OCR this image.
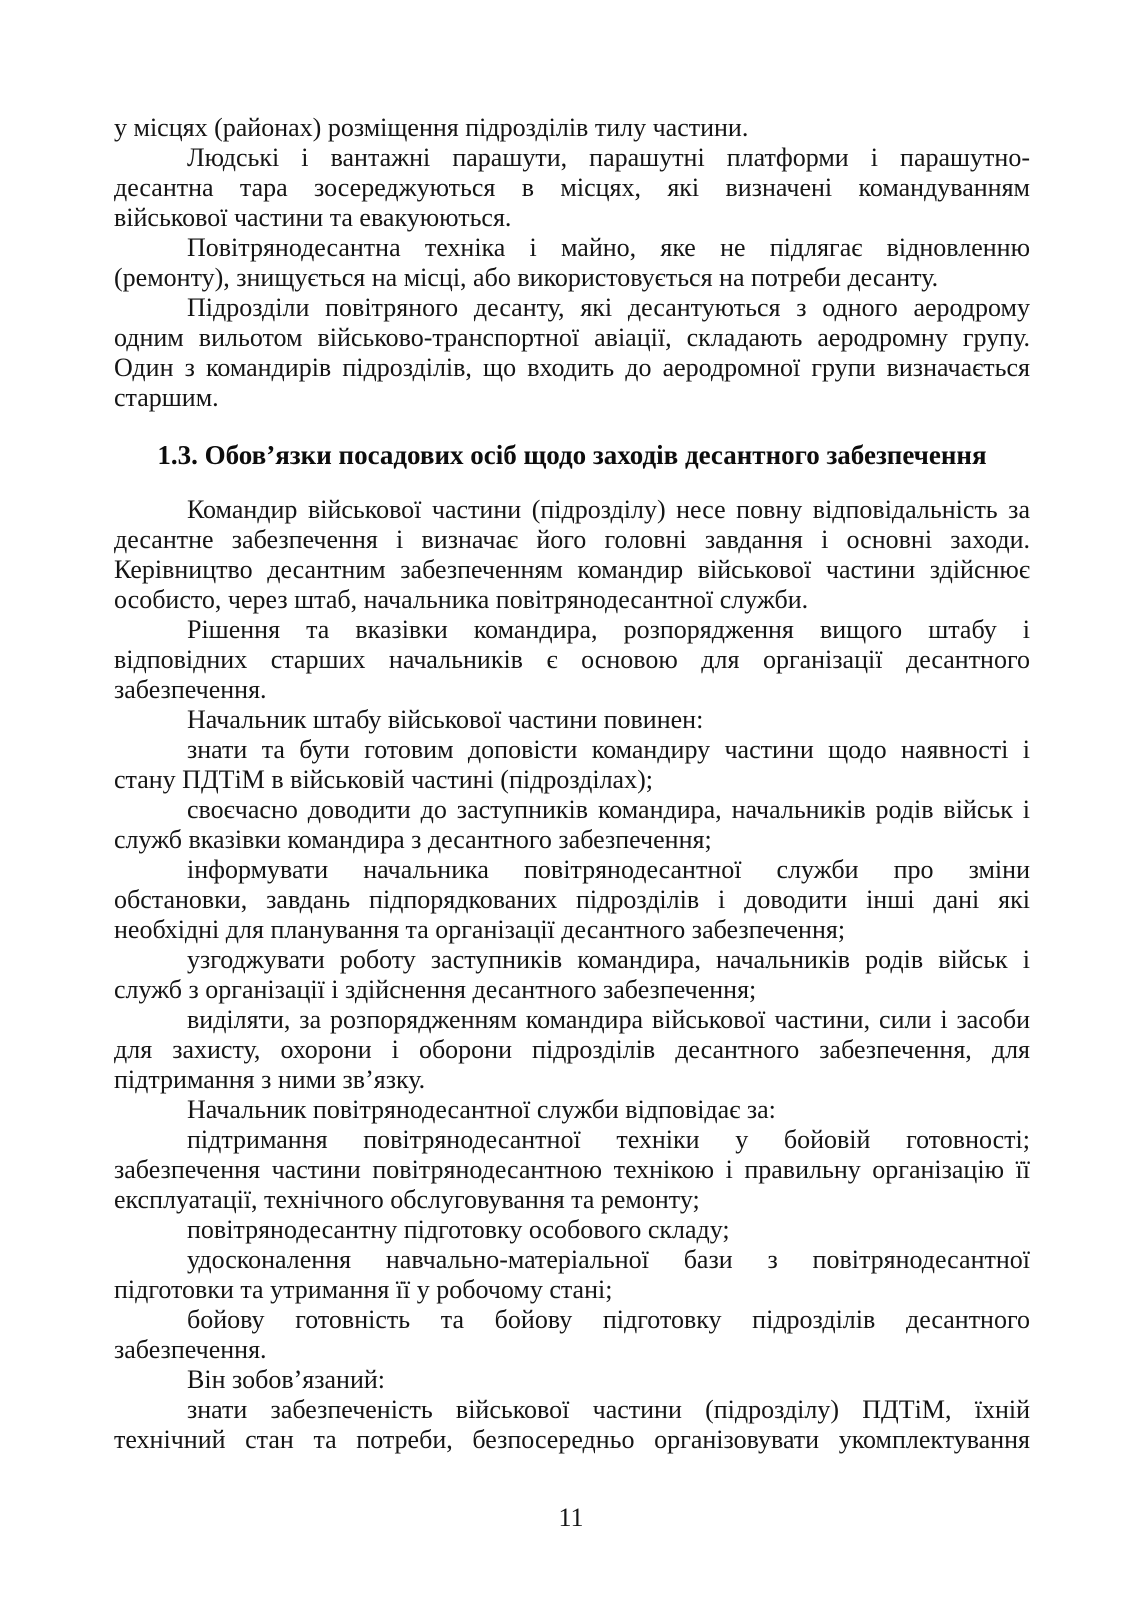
у місцях (районах) розміщення підрозділів тилу частини.
Людські і вантажні парашути, парашутні платформи і парашутно-
десантна тара зосереджуються в місцях, які визначені командуванням
військової частини та евакуюються.
Повітрянодесантна техніка і майно, яке не підлягає відновленню
(ремонту), знищується на місці, або використовується на потреби десанту.
Підрозділи повітряного десанту, які десантуються з одного аеродрому
одним вильотом військово-транспортної авіації, складають аеродромну групу.
Один з командирів підрозділів, що входить до аеродромної групи визначається
старшим.
1.3. Обов’язки посадових осіб щодо заходів десантного забезпечення
Командир військової частини (підрозділу) несе повну відповідальність за
десантне забезпечення і визначає його головні завдання і основні заходи.
Керівництво десантним забезпеченням командир військової частини здійснює
особисто, через штаб, начальника повітрянодесантної служби.
Рішення та вказівки командира, розпорядження вищого штабу і
відповідних старших начальників є основою для організації десантного
забезпечення.
Начальник штабу військової частини повинен:
знати та бути готовим доповісти командиру частини щодо наявності і
стану ПДТіМ в військовій частині (підрозділах);
своєчасно доводити до заступників командира, начальників родів військ і
служб вказівки командира з десантного забезпечення;
інформувати начальника повітрянодесантної служби про зміни
обстановки, завдань підпорядкованих підрозділів і доводити інші дані які
необхідні для планування та організації десантного забезпечення;
узгоджувати роботу заступників командира, начальників родів військ і
служб з організації і здійснення десантного забезпечення;
виділяти, за розпорядженням командира військової частини, сили і засоби
для захисту, охорони і оборони підрозділів десантного забезпечення, для
підтримання з ними зв’язку.
Начальник повітрянодесантної служби відповідає за:
підтримання повітрянодесантної техніки у бойовій готовності;
забезпечення частини повітрянодесантною технікою і правильну організацію її
експлуатації, технічного обслуговування та ремонту;
повітрянодесантну підготовку особового складу;
удосконалення навчально-матеріальної бази з повітрянодесантної
підготовки та утримання її у робочому стані;
бойову готовність та бойову підготовку підрозділів десантного
забезпечення.
Він зобов’язаний:
знати забезпеченість військової частини (підрозділу) ПДТіМ, їхній
технічний стан та потреби, безпосередньо організовувати укомплектування
11
